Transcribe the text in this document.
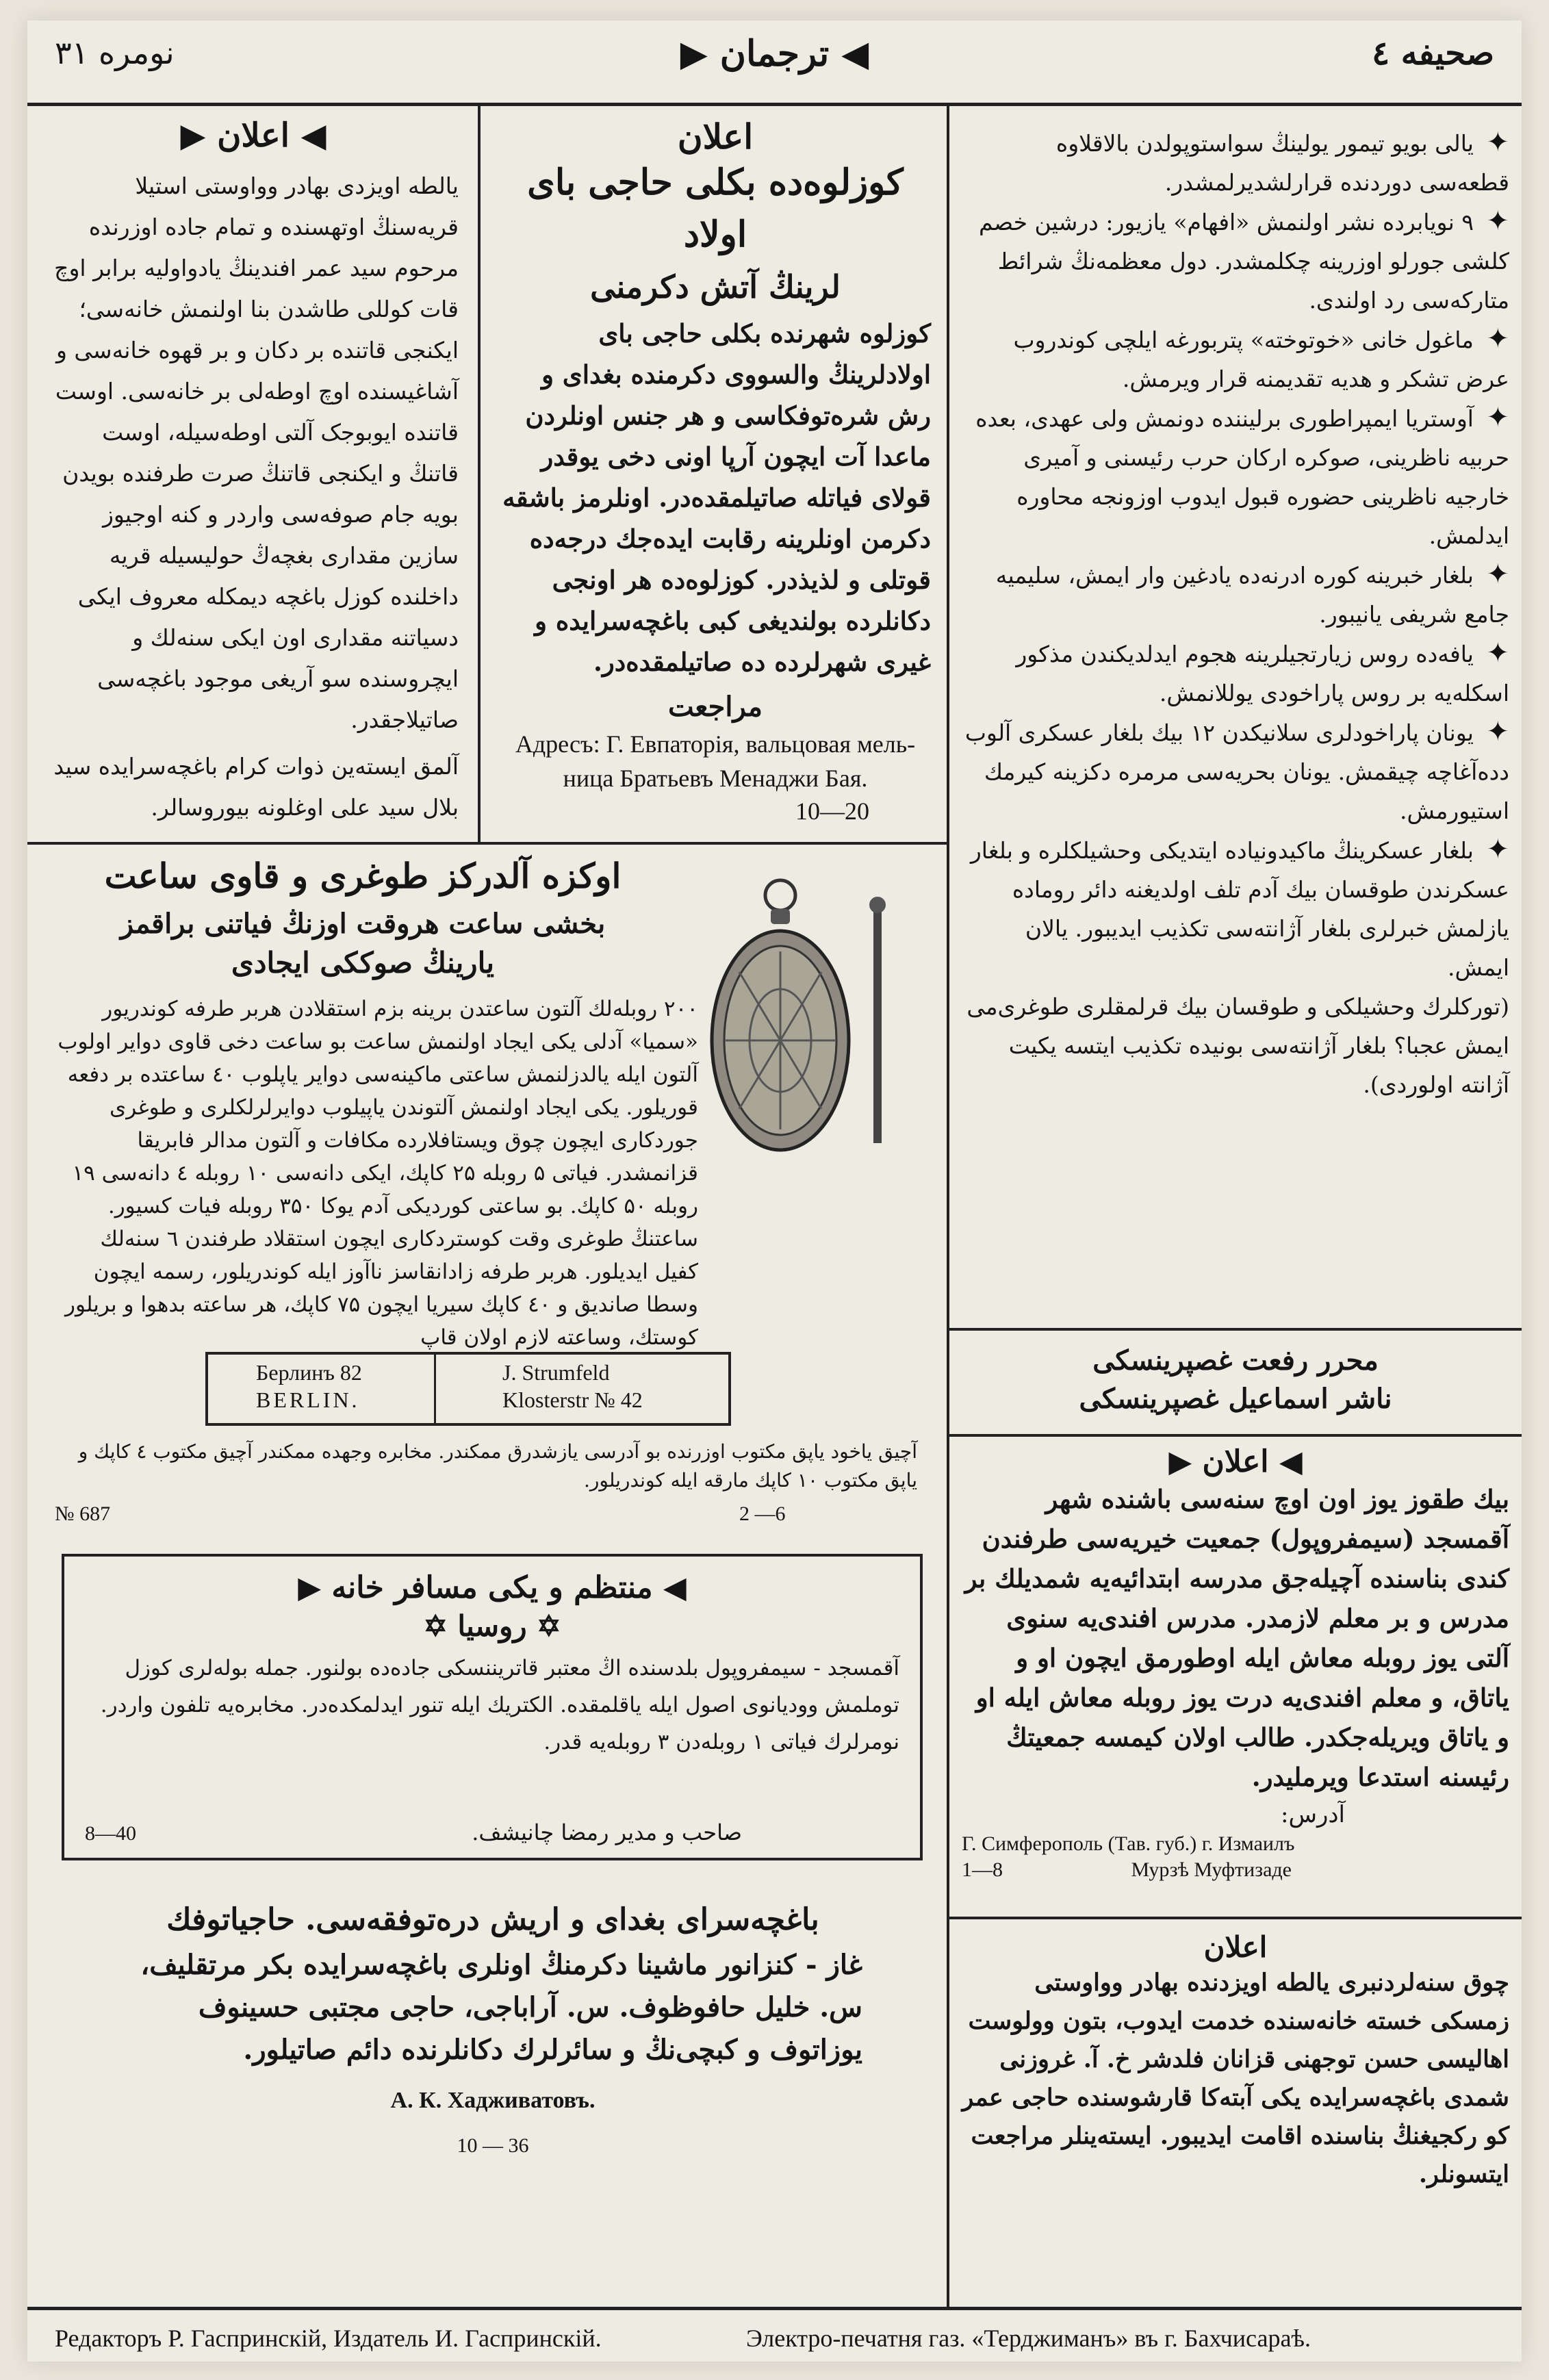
نومره ۳۱	◀ ترجمان ▶	صحیفه ٤
◀ اعلان ▶

یالطه اویزدی بهادر وواوستی استیلا قریه‌سنڭ اوتهسنده و تمام جاده اوزرنده مرحوم سید عمر افندینڭ یادواولیه برابر اوچ قات کوللی طاشدن بنا اولنمش خانه‌سی؛ ایکنجی قاتنده بر دکان و بر قهوه خانه‌سی و آشاغیسنده اوچ اوطه‌لی بر خانه‌سی. اوست قاتنده ایوبوجک آلتی اوطه‌سیله، اوست قاتنڭ و ایکنجی قاتنڭ صرت طرفنده بویدن بویه جام صوفه‌سی واردر و کنه اوجیوز سازین مقداری بغچه‌ڭ حولیسیله قریه داخلنده کوزل باغچه دیمکله معروف ایکی دسیاتنه مقداری اون ایکی سنه‌لك و ایچروسنده سو آریغی موجود باغچه‌سی صاتیلاجقدر.

آلمق ایسته‌ین ذوات کرام باغچه‌سرایده سید بلال سید علی اوغلونه بیوروسالر.

اعلان
کوزلوه‌ده بکلی حاجی بای اولاد
لرینڭ آتش دکرمنی

کوزلوه شهرنده بکلی حاجی بای اولادلرینڭ والسووی دکرمنده بغدای و رش شرەتوفکاسی و هر جنس اونلردن ماعدا آت ایچون آرپا اونی دخی یوقدر قولای فیاتله صاتیلمقده‌در. اونلرمز باشقه دکرمن اونلرینه رقابت ایده‌جك درجه‌ده قوتلی و لذیذدر. کوزلوه‌ده هر اونجی دکانلرده بولندیغی کبی باغچه‌سرایده و غیری شهرلرده ده صاتیلمقده‌در.

مراجعت
Адресъ: Г. Евпаторія, вальцовая мель-
ница Братьевъ Менаджи Бая.
10—20

✦ یالی بویو تیمور یولینڭ سواستوپولدن بالاقلاوه قطعه‌سی دوردنده قرارلشدیرلمشدر.

✦ ۹ نویابرده نشر اولنمش «افهام» یازیور: درشین خصم کلشی جورلو اوزرینه چکلمشدر. دول معظمه‌نڭ شرائط متارکه‌سی رد اولندی.

✦ ماغول خانی «خوتوخته» پتربورغه ایلچی کوندروب عرض تشکر و هدیه تقدیمنه قرار ویرمش.

✦ آوستریا ایمپراطوری برلیننده دونمش ولی عهدی، بعده حربیه ناظرینی، صوکره ارکان حرب رئیسنی و آمیری خارجیه ناظرینی حضوره قبول ایدوب اوزونجه محاوره ایدلمش.

✦ بلغار خبرینه کوره ادرنه‌ده یادغین وار ایمش، سلیمیه جامع شریفی یانیبور.

✦ یافه‌ده روس زیارتجیلرینه هجوم ایدلدیکندن مذکور اسکله‌یه بر روس پاراخودی یوللانمش.

✦ یونان پاراخودلری سلانیکدن ۱۲ بیك بلغار عسکری آلوب دده‌آغاچه چیقمش. یونان بحریه‌سی مرمره دکزینه کیرمك استیورمش.

✦ بلغار عسکرینڭ ماکیدونیاده ایتدیکی وحشیلکلره و بلغار عسکرندن طوقسان بیك آدم تلف اولدیغنه دائر روماده یازلمش خبرلری بلغار آژانته‌سی تکذیب ایدیبور. یالان ایمش.

(تورکلرك وحشیلکی و طوقسان بیك قرلمقلری طوغری‌می ایمش عجبا؟ بلغار آژانته‌سی بونیده تکذیب ایتسه یکیت آژانته اولوردی).

محرر رفعت غصپرینسکی
ناشر اسماعیل غصپرینسکی
◀ اعلان ▶

بیك طقوز یوز اون اوچ سنه‌سی باشنده شهر آقمسجد (سیمفروپول) جمعیت خیریه‌سی طرفندن کندی بناسنده آچیله‌جق مدرسه ابتدائیه‌یه شمدیلك بر مدرس و بر معلم لازمدر. مدرس افندی‌یه سنوی آلتی یوز روبله معاش ایله اوطورمق ایچون او و یاتاق، و معلم افندی‌یه درت یوز روبله معاش ایله او و یاتاق ویریله‌جکدر. طالب اولان کیمسه جمعیتڭ رئیسنه استدعا ویرملیدر.

آدرس:
Г. Симферополь (Тав. губ.) г. Измаилъ
1—8	Мурзѣ Муфтизаде
اعلان

چوق سنه‌لردنبری یالطه اویزدنده بهادر وواوستی زمسکی خسته خانه‌سنده خدمت ایدوب، بتون وولوست اهالیسی حسن توجهنی قزانان فلدشر خ. آ. غروزنی شمدی باغچه‌سرایده یکی آبته‌کا قارشوسنده حاجی عمر کو رکجیغنڭ بناسنده اقامت ایدیبور. ایسته‌ینلر مراجعت ایتسونلر.

اوکزه آلدرکز طوغری و قاوی ساعت
بخشی ساعت هروقت اوزنڭ فیاتنی براقمز
یارینڭ صوككی ایجادی

۲۰۰ روبله‌لك آلتون ساعتدن برینه بزم استقلادن هربر طرفه کوندریور «سمیا» آدلی یکی ایجاد اولنمش ساعت بو ساعت دخی قاوی دوایر اولوب آلتون ایله یالدزلنمش ساعتی ماکینه‌سی دوایر یاپلوب ٤۰ ساعتده بر دفعه قوریلور. یکی ایجاد اولنمش آلتوندن یاپیلوب دوایرلرلکلری و طوغری جوردکاری ایچون چوق ویستافلارده مکافات و آلتون مدالر فابریقا قزانمشدر. فیاتی ۵ روبله ۲۵ کاپك، ایکی دانه‌سی ۱۰ روبله ٤ دانه‌سی ۱۹ روبله ۵۰ کاپك. بو ساعتی کوردیکی آدم یوکا ۳۵۰ روبله فیات کسیور. ساعتنڭ طوغری وقت کوستردکاری ایچون استقلاد طرفندن ٦ سنه‌لك کفیل ایدیلور. هربر طرفه زادانقاسز ناآوز ایله کوندریلور، رسمه ایچون وسطا صاندیق و ٤۰ کاپك سیریا ایچون ۷۵ کاپك، هر ساعته بدهوا و بریلور کوستك، وساعته لازم اولان قاپ

Берлинъ 82
BERLIN.
J. Strumfeld
Klosterstr № 42

آچیق یاخود یاپق مکتوب اوزرنده بو آدرسی یازشدرق ممکندر. مخابره وجهده ممکندر آچیق مکتوب ٤ کاپك و یاپق مکتوب ۱۰ کاپك مارقه ایله کوندریلور.

№ 687	2 —6
◀ منتظم و یکی مسافر خانه ▶
✡ روسیا ✡

آقمسجد - سیمفروپول بلدسنده اڭ معتبر قاتریننسکی جاده‌ده بولنور. جمله بوله‌لری کوزل توملمش وودیانوی اصول ایله یاقلمقده. الکتریك ایله تنور ایدلمکده‌در. مخابره‌یه تلفون واردر. نومرلرك فیاتی ۱ روبله‌دن ۳ روبله‌یه قدر.

صاحب و مدیر رمضا چانیشف.
8—40
باغچه‌سرای بغدای و اریش دره‌توفقه‌سی. حاجیاتوفك

غاز - کنزانور ماشینا دکرمنڭ اونلری باغچه‌سرایده بکر مرتقلیف، س. خلیل حافوظوف. س. آراباجی، حاجی مجتبی حسینوف یوزاتوف و کبچی‌نڭ و سائرلرك دکانلرنده دائم صاتیلور.

А. К. Хадживатовъ.
10 — 36
Редакторъ Р. Гаспринскій, Издатель И. Гаспринскій.	Электро-печатня газ. «Терджиманъ» въ г. Бахчисараѣ.
